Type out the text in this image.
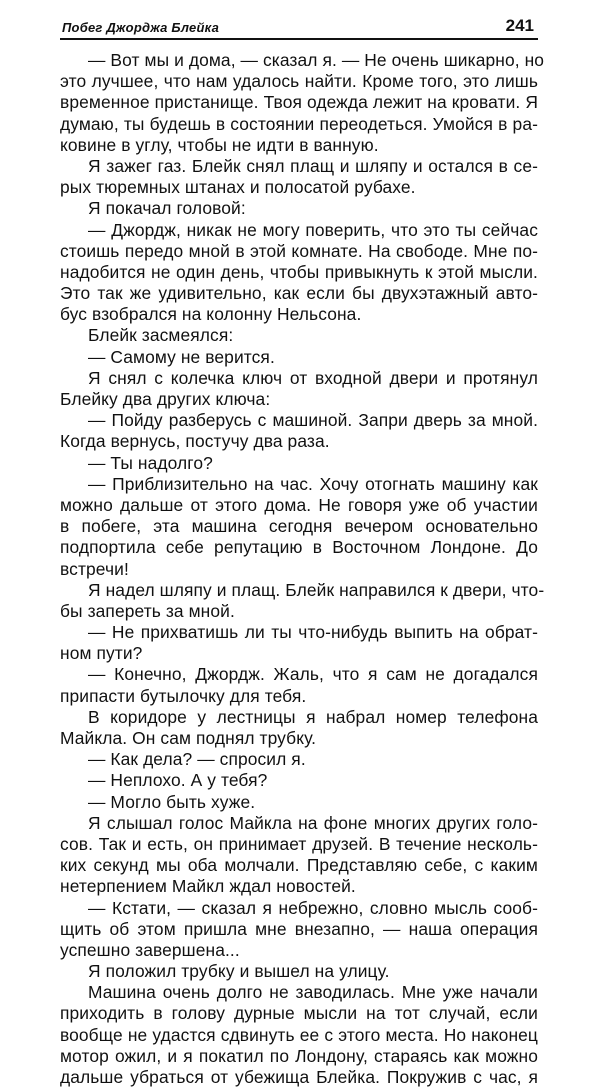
Побег Джорджа Блейка	241
— Вот мы и дома, — сказал я. — Не очень шикарно, но
это лучшее, что нам удалось найти. Кроме того, это лишь
временное пристанище. Твоя одежда лежит на кровати. Я
думаю, ты будешь в состоянии переодеться. Умойся в ра-
ковине в углу, чтобы не идти в ванную.
Я зажег газ. Блейк снял плащ и шляпу и остался в се-
рых тюремных штанах и полосатой рубахе.
Я покачал головой:
— Джордж, никак не могу поверить, что это ты сейчас
стоишь передо мной в этой комнате. На свободе. Мне по-
надобится не один день, чтобы привыкнуть к этой мысли.
Это так же удивительно, как если бы двухэтажный авто-
бус взобрался на колонну Нельсона.
Блейк засмеялся:
— Самому не верится.
Я снял с колечка ключ от входной двери и протянул
Блейку два других ключа:
— Пойду разберусь с машиной. Запри дверь за мной.
Когда вернусь, постучу два раза.
— Ты надолго?
— Приблизительно на час. Хочу отогнать машину как
можно дальше от этого дома. Не говоря уже об участии
в побеге, эта машина сегодня вечером основательно
подпортила себе репутацию в Восточном Лондоне. До
встречи!
Я надел шляпу и плащ. Блейк направился к двери, что-
бы запереть за мной.
— Не прихватишь ли ты что-нибудь выпить на обрат-
ном пути?
— Конечно, Джордж. Жаль, что я сам не догадался
припасти бутылочку для тебя.
В коридоре у лестницы я набрал номер телефона
Майкла. Он сам поднял трубку.
— Как дела? — спросил я.
— Неплохо. А у тебя?
— Могло быть хуже.
Я слышал голос Майкла на фоне многих других голо-
сов. Так и есть, он принимает друзей. В течение несколь-
ких секунд мы оба молчали. Представляю себе, с каким
нетерпением Майкл ждал новостей.
— Кстати, — сказал я небрежно, словно мысль сооб-
щить об этом пришла мне внезапно, — наша операция
успешно завершена...
Я положил трубку и вышел на улицу.
Машина очень долго не заводилась. Мне уже начали
приходить в голову дурные мысли на тот случай, если
вообще не удастся сдвинуть ее с этого места. Но наконец
мотор ожил, и я покатил по Лондону, стараясь как можно
дальше убраться от убежища Блейка. Покружив с час, я
